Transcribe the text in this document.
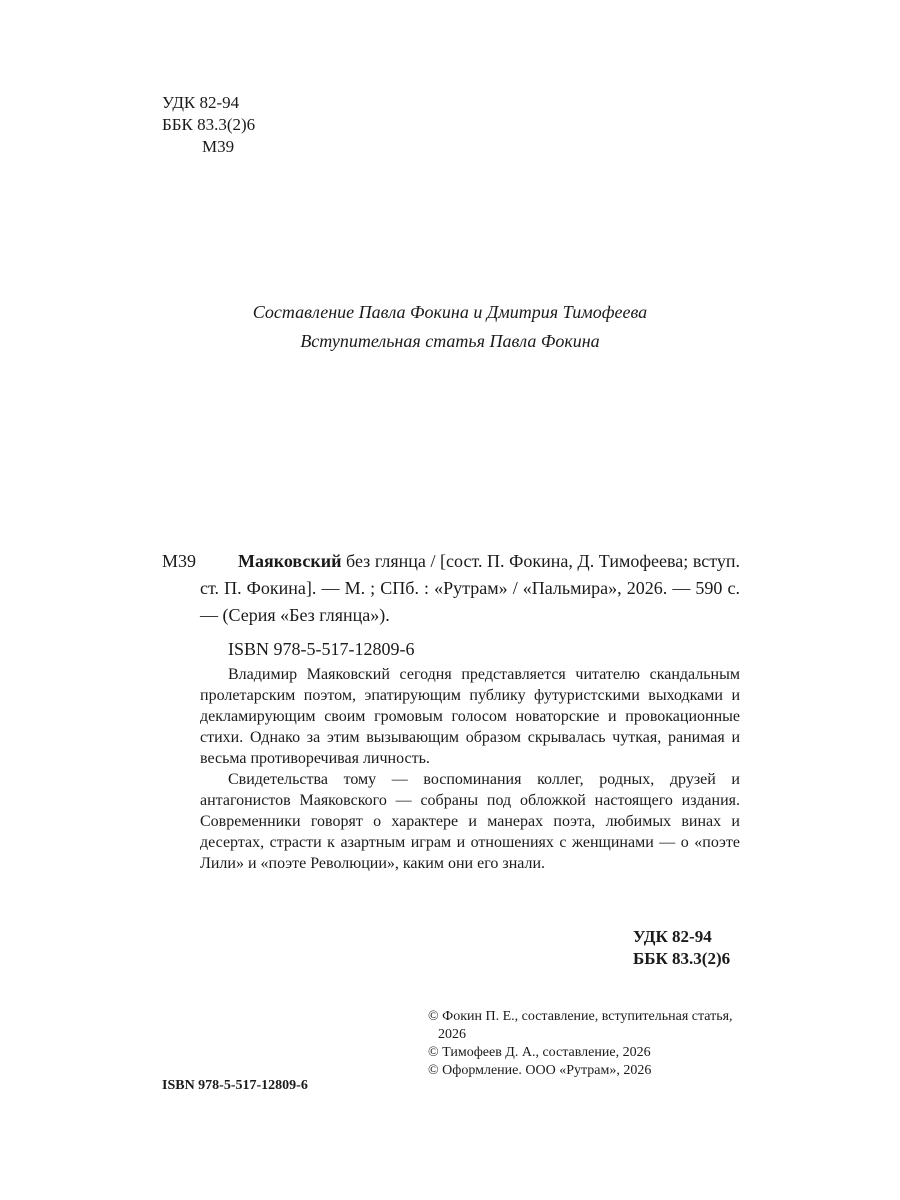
УДК 82-94
ББК 83.3(2)6
М39
Составление Павла Фокина и Дмитрия Тимофеева
Вступительная статья Павла Фокина
М39	Маяковский без глянца / [сост. П. Фокина, Д. Тимофеева; вступ. ст. П. Фокина]. — М. ; СПб. : «Рутрам» / «Пальмира», 2026. — 590 с. — (Серия «Без глянца»).
ISBN 978-5-517-12809-6

Владимир Маяковский сегодня представляется читателю скандальным пролетарским поэтом, эпатирующим публику футуристскими выходками и декламирующим своим громовым голосом новаторские и провокационные стихи. Однако за этим вызывающим образом скрывалась чуткая, ранимая и весьма противоречивая личность.

Свидетельства тому — воспоминания коллег, родных, друзей и антагонистов Маяковского — собраны под обложкой настоящего издания. Современники говорят о характере и манерах поэта, любимых винах и десертах, страсти к азартным играм и отношениях с женщинами — о «поэте Лили» и «поэте Революции», каким они его знали.

УДК 82-94
ББК 83.3(2)6
© Фокин П. Е., составление, вступительная статья, 2026
© Тимофеев Д. А., составление, 2026
© Оформление. ООО «Рутрам», 2026
ISBN 978-5-517-12809-6
